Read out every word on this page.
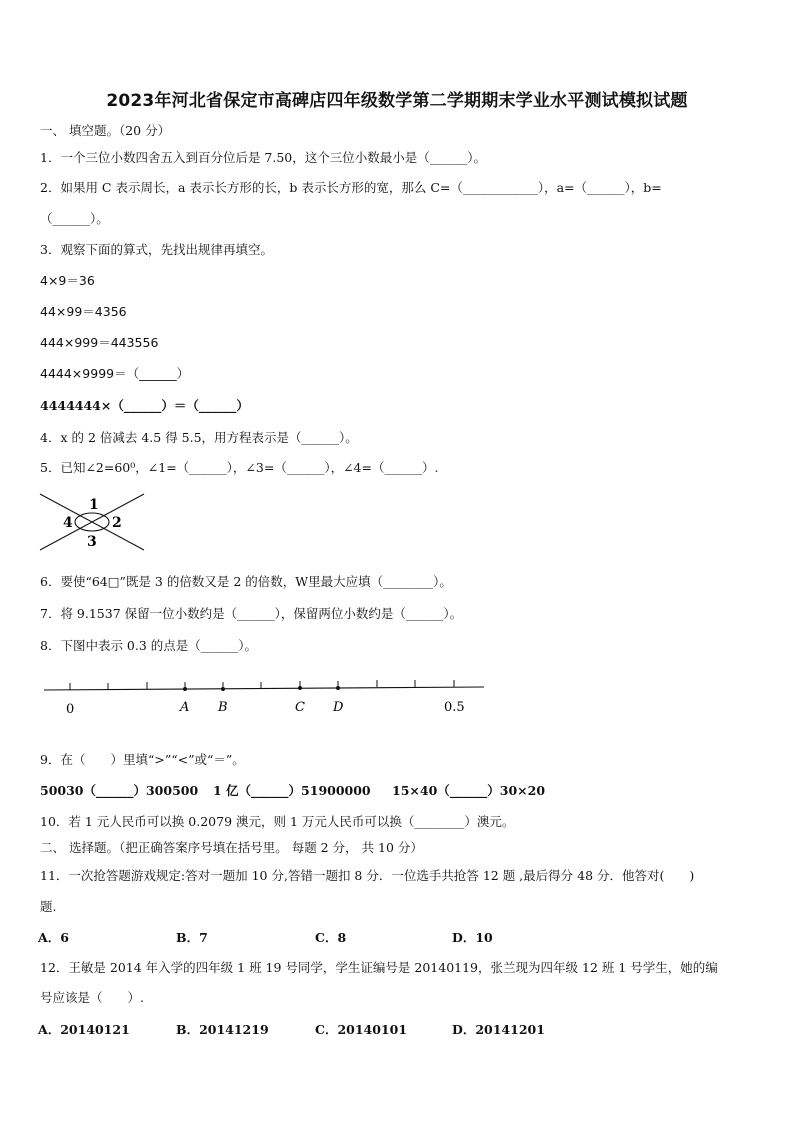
2023年河北省保定市高碑店四年级数学第二学期期末学业水平测试模拟试题
一、 填空题。（20 分）
1．一个三位小数四舍五入到百分位后是 7.50，这个三位小数最小是（______）。
2．如果用 C 表示周长，a 表示长方形的长，b 表示长方形的宽，那么 C=（____________），a=（______），b=
（______）。
3．观察下面的算式，先找出规律再填空。
4×9＝36
44×99＝4356
444×999＝443556
4444×9999＝（______）
4444444×（______）＝（______）
4．x 的 2 倍减去 4.5 得 5.5，用方程表示是（______）。
5．已知∠2=60⁰，∠1=（______），∠3=（______），∠4=（______）.
1
2
3
4
6．要使“64□”既是 3 的倍数又是 2 的倍数，W里最大应填（________）。
7．将 9.1537 保留一位小数约是（______），保留两位小数约是（______）。
8．下图中表示 0.3 的点是（______）。
0	A B	C D	0.5
9．在（　　）里填“>”“<”或“＝”。
50030（______）300500 1 亿（______）51900000 15×40（______）30×20
10．若 1 元人民币可以换 0.2079 澳元，则 1 万元人民币可以换（________）澳元。
二、 选择题。（把正确答案序号填在括号里。 每题 2 分， 共 10 分）
11．一次抢答题游戏规定:答对一题加 10 分,答错一题扣 8 分．一位选手共抢答 12 题 ,最后得分 48 分．他答对(　　)
题.
A．6	B．7	C．8	D．10
12．王敏是 2014 年入学的四年级 1 班 19 号同学，学生证编号是 20140119，张兰现为四年级 12 班 1 号学生，她的编
号应该是（　　）.
A．20140121	B．20141219	C．20140101	D．20141201
